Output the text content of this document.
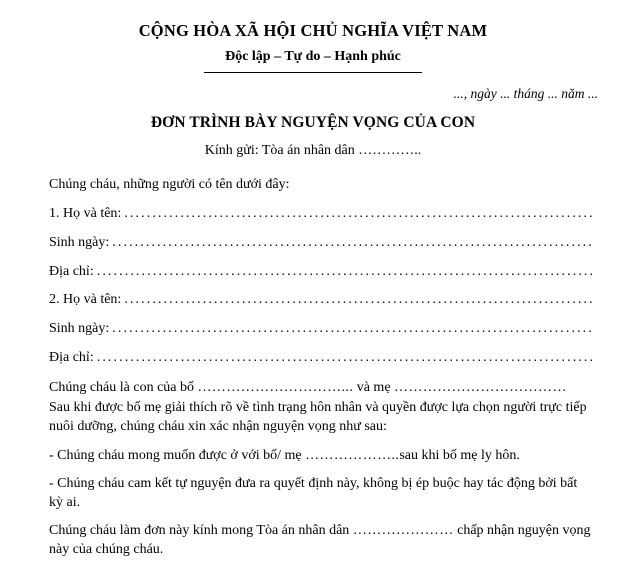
CỘNG HÒA XÃ HỘI CHỦ NGHĨA VIỆT NAM
Độc lập – Tự do – Hạnh phúc
..., ngày ... tháng ... năm ...
ĐƠN TRÌNH BÀY NGUYỆN VỌNG CỦA CON
Kính gửi: Tòa án nhân dân …………..
Chúng cháu, những người có tên dưới đây:
1. Họ và tên:
.....
Sinh ngày:
.....
Địa chỉ:
.....
2. Họ và tên:
.....
Sinh ngày:
.....
Địa chỉ:
.....
Chúng cháu là con của bố …………………………... và mẹ ………………………………
Sau khi được bố mẹ giải thích rõ về tình trạng hôn nhân và quyền được lựa chọn người trực tiếp nuôi dưỡng, chúng cháu xin xác nhận nguyện vọng như sau:
- Chúng cháu mong muốn được ở với bố/ mẹ ………………..sau khi bố mẹ ly hôn.
- Chúng cháu cam kết tự nguyện đưa ra quyết định này, không bị ép buộc hay tác động bởi bất kỳ ai.
Chúng cháu làm đơn này kính mong Tòa án nhân dân ………………… chấp nhận nguyện vọng này của chúng cháu.
